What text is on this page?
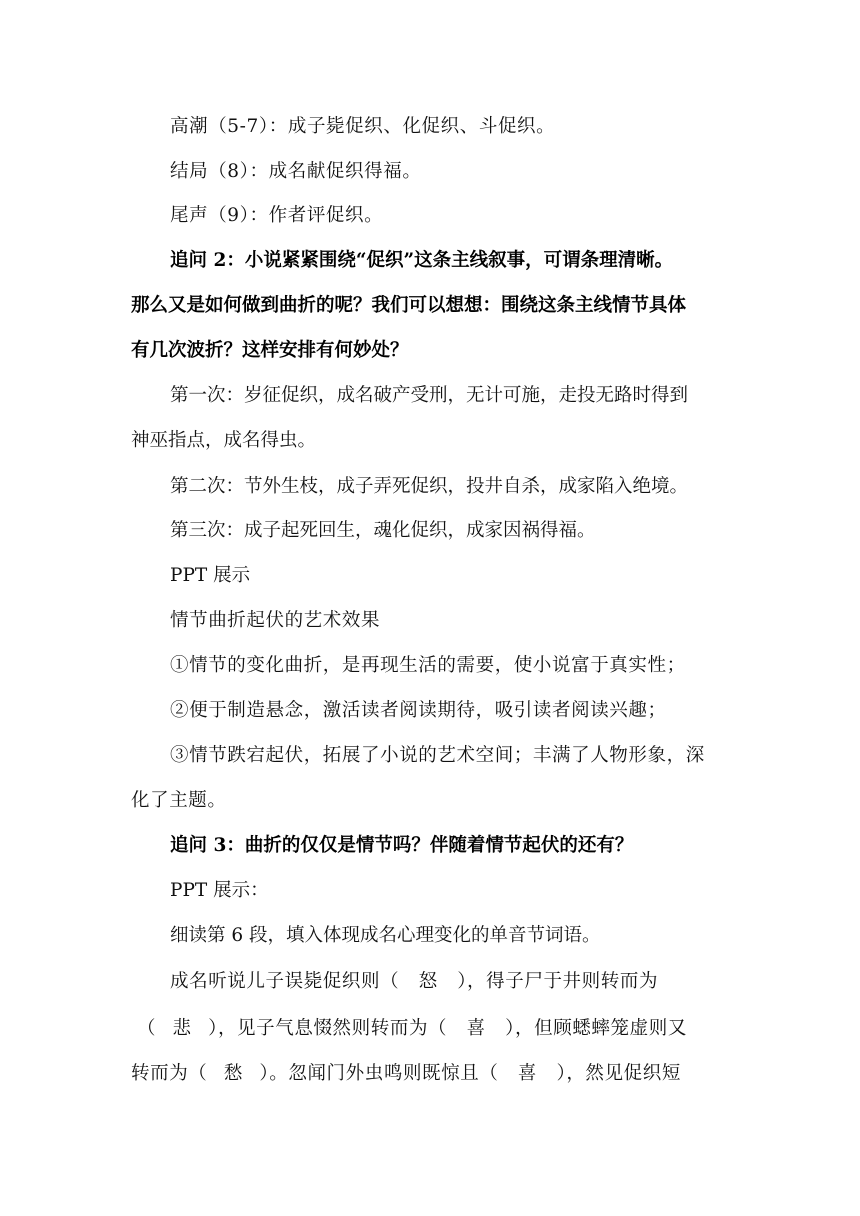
高潮（5-7）：成子毙促织、化促织、斗促织。

结局（8）：成名献促织得福。

尾声（9）：作者评促织。

追问 2：小说紧紧围绕“促织”这条主线叙事，可谓条理清晰。

那么又是如何做到曲折的呢？我们可以想想：围绕这条主线情节具体

有几次波折？这样安排有何妙处？

第一次：岁征促织，成名破产受刑，无计可施，走投无路时得到

神巫指点，成名得虫。

第二次：节外生枝，成子弄死促织，投井自杀，成家陷入绝境。

第三次：成子起死回生，魂化促织，成家因祸得福。

PPT 展示

情节曲折起伏的艺术效果

①情节的变化曲折，是再现生活的需要，使小说富于真实性；

②便于制造悬念，激活读者阅读期待，吸引读者阅读兴趣；

③情节跌宕起伏，拓展了小说的艺术空间；丰满了人物形象，深

化了主题。

追问 3：曲折的仅仅是情节吗？伴随着情节起伏的还有？

PPT 展示：

细读第 6 段，填入体现成名心理变化的单音节词语。

成名听说儿子误毙促织则（ 怒 ），得子尸于井则转而为

（ 悲 ），见子气息惙然则转而为（ 喜 ），但顾蟋蟀笼虚则又

转而为（ 愁 ）。忽闻门外虫鸣则既惊且（ 喜 ），然见促织短
